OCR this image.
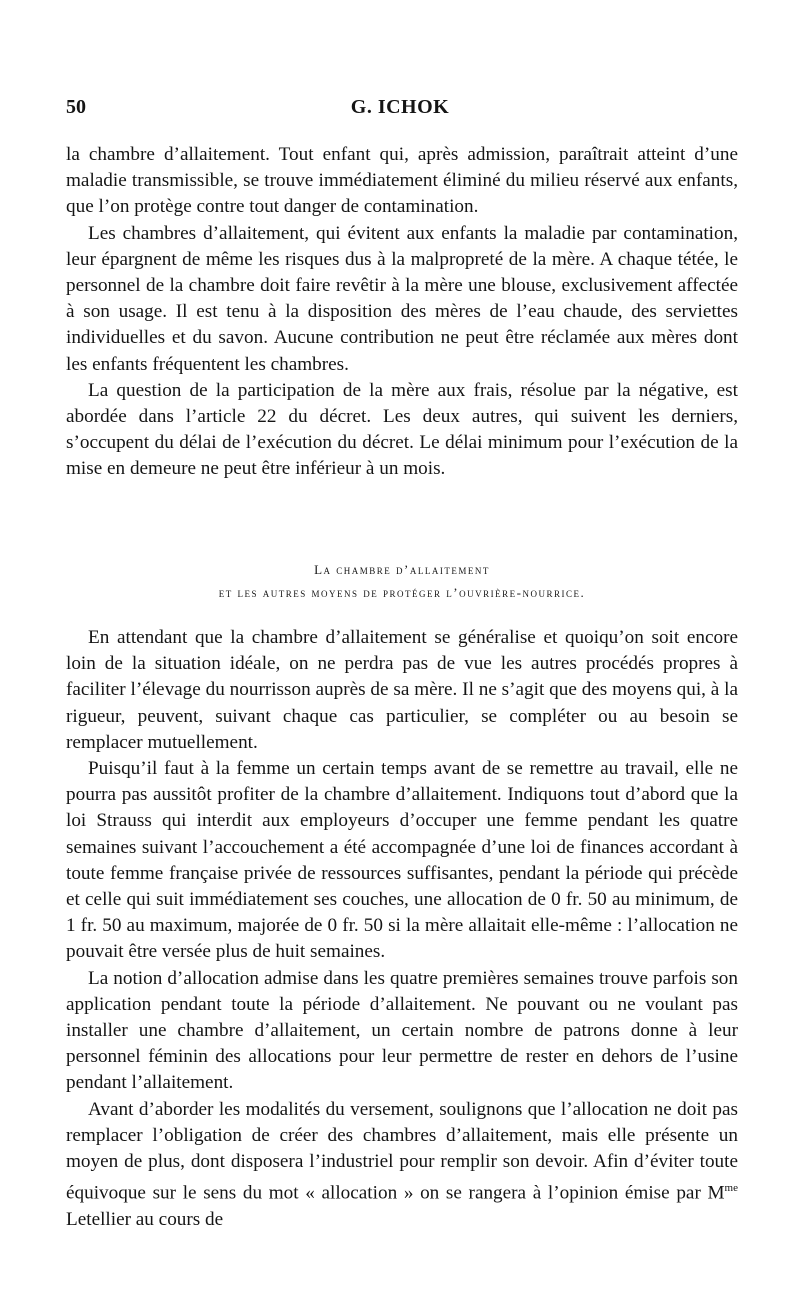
50	G. ICHOK

la chambre d’allaitement. Tout enfant qui, après admission, paraîtrait atteint d’une maladie transmissible, se trouve immédiatement éliminé du milieu réservé aux enfants, que l’on protège contre tout danger de contamination.

Les chambres d’allaitement, qui évitent aux enfants la maladie par contamination, leur épargnent de même les risques dus à la malpropreté de la mère. A chaque tétée, le personnel de la chambre doit faire revêtir à la mère une blouse, exclusivement affectée à son usage. Il est tenu à la disposition des mères de l’eau chaude, des serviettes individuelles et du savon. Aucune contribution ne peut être réclamée aux mères dont les enfants fréquentent les chambres.

La question de la participation de la mère aux frais, résolue par la négative, est abordée dans l’article 22 du décret. Les deux autres, qui suivent les derniers, s’occupent du délai de l’exécution du décret. Le délai minimum pour l’exécution de la mise en demeure ne peut être inférieur à un mois.

La chambre d’allaitement
et les autres moyens de protéger l’ouvrière-nourrice.

En attendant que la chambre d’allaitement se généralise et quoiqu’on soit encore loin de la situation idéale, on ne perdra pas de vue les autres procédés propres à faciliter l’élevage du nourrisson auprès de sa mère. Il ne s’agit que des moyens qui, à la rigueur, peuvent, suivant chaque cas particulier, se compléter ou au besoin se remplacer mutuellement.

Puisqu’il faut à la femme un certain temps avant de se remettre au travail, elle ne pourra pas aussitôt profiter de la chambre d’allaitement. Indiquons tout d’abord que la loi Strauss qui interdit aux employeurs d’occuper une femme pendant les quatre semaines suivant l’accouchement a été accompagnée d’une loi de finances accordant à toute femme française privée de ressources suffisantes, pendant la période qui précède et celle qui suit immédiatement ses couches, une allocation de 0 fr. 50 au minimum, de 1 fr. 50 au maximum, majorée de 0 fr. 50 si la mère allaitait elle-même : l’allocation ne pouvait être versée plus de huit semaines.

La notion d’allocation admise dans les quatre premières semaines trouve parfois son application pendant toute la période d’allaitement. Ne pouvant ou ne voulant pas installer une chambre d’allaitement, un certain nombre de patrons donne à leur personnel féminin des allocations pour leur permettre de rester en dehors de l’usine pendant l’allaitement.

Avant d’aborder les modalités du versement, soulignons que l’allocation ne doit pas remplacer l’obligation de créer des chambres d’allaitement, mais elle présente un moyen de plus, dont disposera l’industriel pour remplir son devoir. Afin d’éviter toute équivoque sur le sens du mot « allocation » on se rangera à l’opinion émise par $M^{me}$ Letellier au cours de
